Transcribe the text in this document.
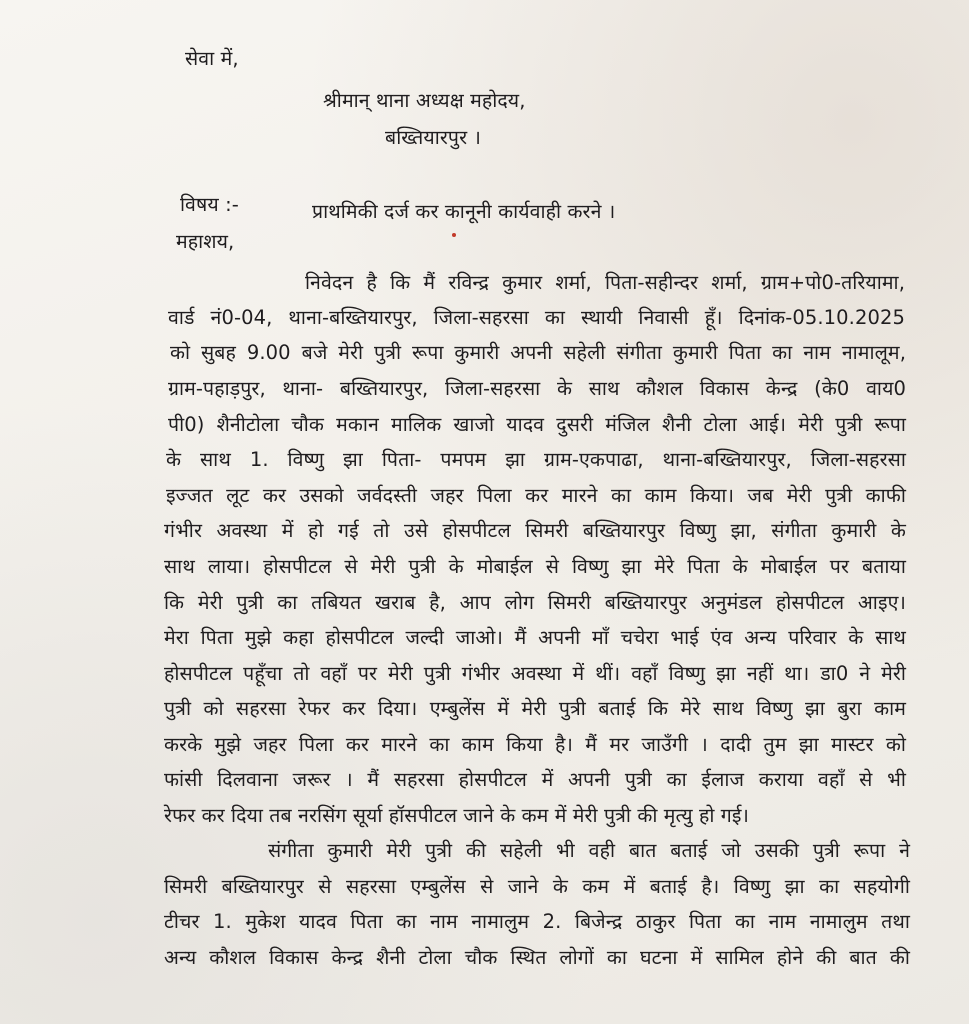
सेवा में,

श्रीमान् थाना अध्यक्ष महोदय,

बख्तियारपुर ।

विषय :-	प्राथमिकी दर्ज कर कानूनी कार्यवाही करने ।

महाशय,

निवेदन है कि मैं रविन्द्र कुमार शर्मा, पिता-सहीन्दर शर्मा, ग्राम+पो0-तरियामा,

वार्ड नं0-04, थाना-बख्तियारपुर, जिला-सहरसा का स्थायी निवासी हूँ। दिनांक-05.10.2025

को सुबह 9.00 बजे मेरी पुत्री रूपा कुमारी अपनी सहेली संगीता कुमारी पिता का नाम नामालूम,

ग्राम-पहाड़पुर, थाना- बख्तियारपुर, जिला-सहरसा के साथ कौशल विकास केन्द्र (के0 वाय0

पी0) शैनीटोला चौक मकान मालिक खाजो यादव दुसरी मंजिल शैनी टोला आई। मेरी पुत्री रूपा

के साथ 1. विष्णु झा पिता- पमपम झा ग्राम-एकपाढा, थाना-बख्तियारपुर, जिला-सहरसा

इज्जत लूट कर उसको जर्वदस्ती जहर पिला कर मारने का काम किया। जब मेरी पुत्री काफी

गंभीर अवस्था में हो गई तो उसे होसपीटल सिमरी बख्तियारपुर विष्णु झा, संगीता कुमारी के

साथ लाया। होसपीटल से मेरी पुत्री के मोबाईल से विष्णु झा मेरे पिता के मोबाईल पर बताया

कि मेरी पुत्री का तबियत खराब है, आप लोग सिमरी बख्तियारपुर अनुमंडल होसपीटल आइए।

मेरा पिता मुझे कहा होसपीटल जल्दी जाओ। मैं अपनी माँ चचेरा भाई एंव अन्य परिवार के साथ

होसपीटल पहूँचा तो वहाँ पर मेरी पुत्री गंभीर अवस्था में थीं। वहाँ विष्णु झा नहीं था। डा0 ने मेरी

पुत्री को सहरसा रेफर कर दिया। एम्बुलेंस में मेरी पुत्री बताई कि मेरे साथ विष्णु झा बुरा काम

करके मुझे जहर पिला कर मारने का काम किया है। मैं मर जाउँगी । दादी तुम झा मास्टर को

फांसी दिलवाना जरूर । मैं सहरसा होसपीटल में अपनी पुत्री का ईलाज कराया वहाँ से भी

रेफर कर दिया तब नरसिंग सूर्या हॉसपीटल जाने के कम में मेरी पुत्री की मृत्यु हो गई।

संगीता कुमारी मेरी पुत्री की सहेली भी वही बात बताई जो उसकी पुत्री रूपा ने

सिमरी बख्तियारपुर से सहरसा एम्बुलेंस से जाने के कम में बताई है। विष्णु झा का सहयोगी

टीचर 1. मुकेश यादव पिता का नाम नामालुम 2. बिजेन्द्र ठाकुर पिता का नाम नामालुम तथा

अन्य कौशल विकास केन्द्र शैनी टोला चौक स्थित लोगों का घटना में सामिल होने की बात की
